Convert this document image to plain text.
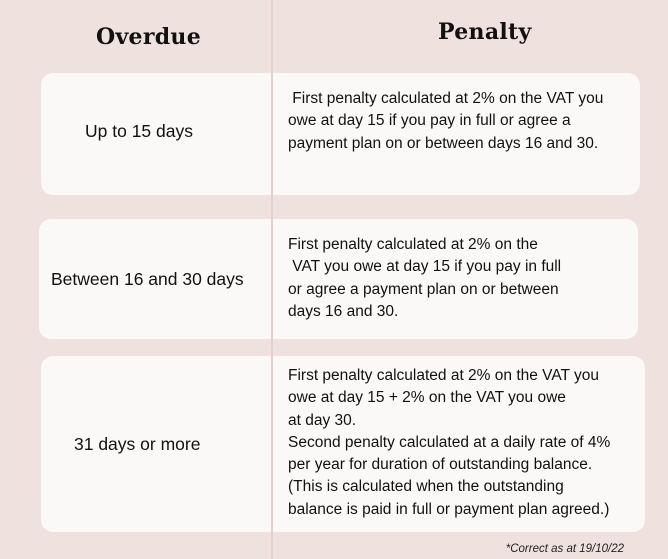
Overdue	Penalty
Up to 15 days
First penalty calculated at 2% on the VAT you
owe at day 15 if you pay in full or agree a
payment plan on or between days 16 and 30.
Between 16 and 30 days
First penalty calculated at 2% on the
VAT you owe at day 15 if you pay in full
or agree a payment plan on or between
days 16 and 30.
31 days or more
First penalty calculated at 2% on the VAT you
owe at day 15 + 2% on the VAT you owe
at day 30.
Second penalty calculated at a daily rate of 4%
per year for duration of outstanding balance.
(This is calculated when the outstanding
balance is paid in full or payment plan agreed.)
*Correct as at 19/10/22
